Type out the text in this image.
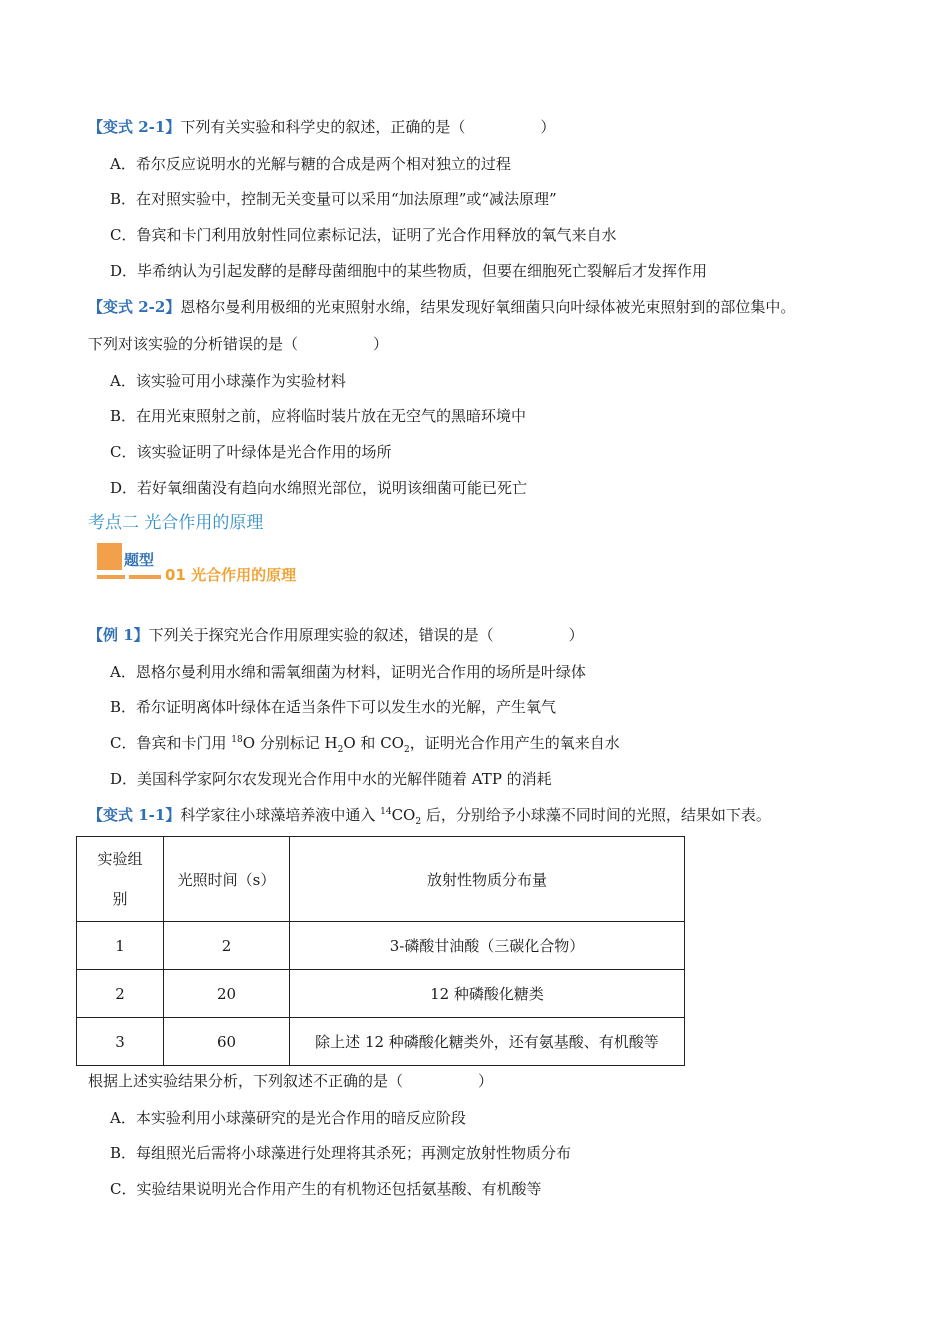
【变式 2-1】下列有关实验和科学史的叙述，正确的是（　　　　　）
A．希尔反应说明水的光解与糖的合成是两个相对独立的过程
B．在对照实验中，控制无关变量可以采用“加法原理”或“减法原理”
C．鲁宾和卡门利用放射性同位素标记法，证明了光合作用释放的氧气来自水
D．毕希纳认为引起发酵的是酵母菌细胞中的某些物质，但要在细胞死亡裂解后才发挥作用
【变式 2-2】恩格尔曼利用极细的光束照射水绵，结果发现好氧细菌只向叶绿体被光束照射到的部位集中。
下列对该实验的分析错误的是（　　　　　）
A．该实验可用小球藻作为实验材料
B．在用光束照射之前，应将临时装片放在无空气的黑暗环境中
C．该实验证明了叶绿体是光合作用的场所
D．若好氧细菌没有趋向水绵照光部位，说明该细菌可能已死亡
考点二 光合作用的原理
题型
01 光合作用的原理
【例 1】下列关于探究光合作用原理实验的叙述，错误的是（　　　　　）
A．恩格尔曼利用水绵和需氧细菌为材料，证明光合作用的场所是叶绿体
B．希尔证明离体叶绿体在适当条件下可以发生水的光解，产生氧气
C．鲁宾和卡门用 $^{18}$O 分别标记 $H_2O$ 和 $CO_2$，证明光合作用产生的氧来自水
D．美国科学家阿尔农发现光合作用中水的光解伴随着 ATP 的消耗
【变式 1-1】科学家往小球藻培养液中通入 $^{14}CO_2$ 后，分别给予小球藻不同时间的光照，结果如下表。
实验组
别	光照时间（s）	放射性物质分布量
1	2	3-磷酸甘油酸（三碳化合物）
2	20	12 种磷酸化糖类
3	60	除上述 12 种磷酸化糖类外，还有氨基酸、有机酸等
根据上述实验结果分析，下列叙述不正确的是（　　　　　）
A．本实验利用小球藻研究的是光合作用的暗反应阶段
B．每组照光后需将小球藻进行处理将其杀死；再测定放射性物质分布
C．实验结果说明光合作用产生的有机物还包括氨基酸、有机酸等
